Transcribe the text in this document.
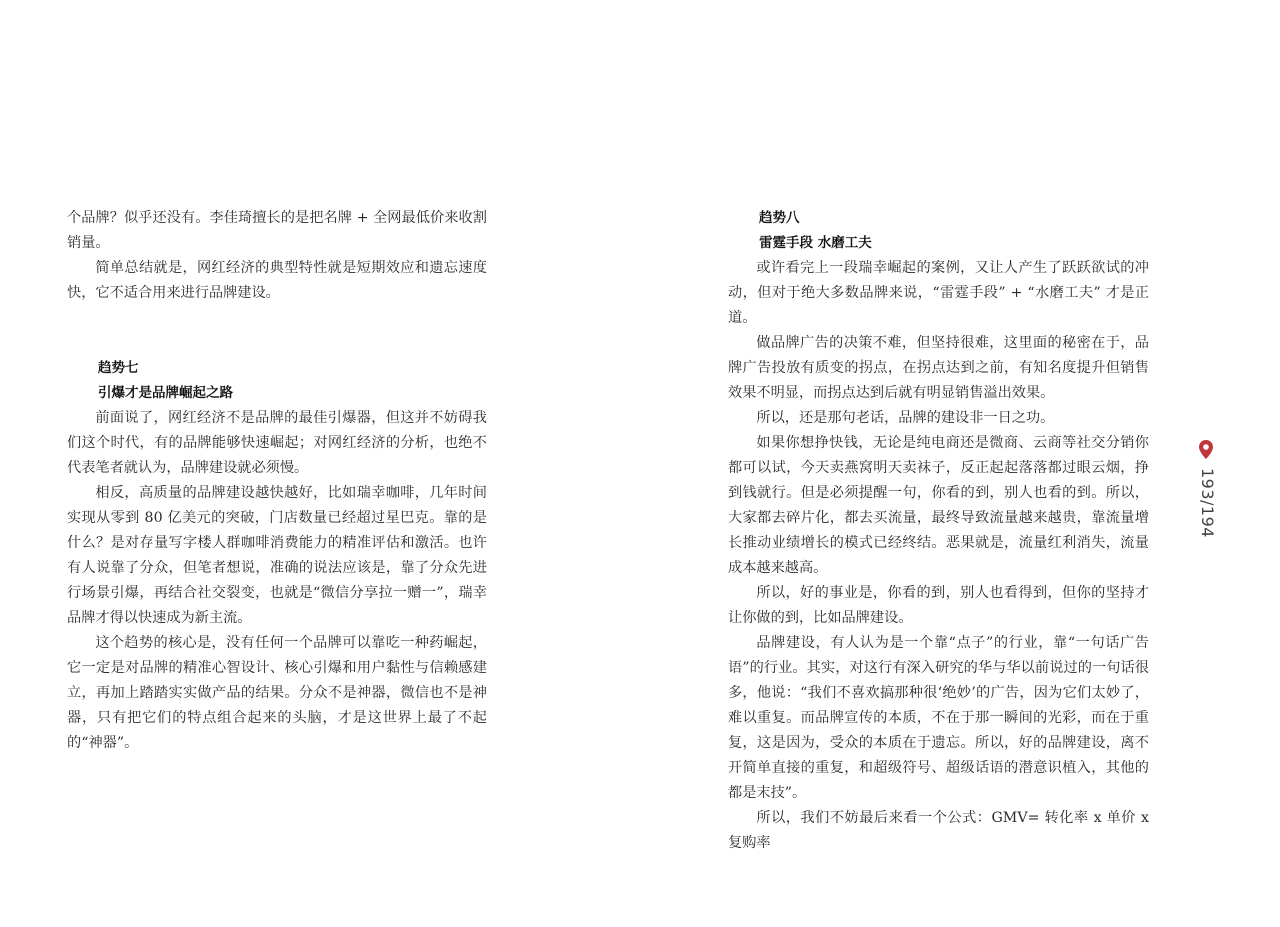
个品牌？似乎还没有。李佳琦擅长的是把名牌 + 全网最低价来收割销量。

简单总结就是，网红经济的典型特性就是短期效应和遗忘速度快，它不适合用来进行品牌建设。

趋势七

引爆才是品牌崛起之路

前面说了，网红经济不是品牌的最佳引爆器，但这并不妨碍我们这个时代，有的品牌能够快速崛起；对网红经济的分析，也绝不代表笔者就认为，品牌建设就必须慢。

相反，高质量的品牌建设越快越好，比如瑞幸咖啡，几年时间实现从零到 80 亿美元的突破，门店数量已经超过星巴克。靠的是什么？是对存量写字楼人群咖啡消费能力的精准评估和激活。也许有人说靠了分众，但笔者想说，准确的说法应该是，靠了分众先进行场景引爆，再结合社交裂变，也就是“微信分享拉一赠一”，瑞幸品牌才得以快速成为新主流。

这个趋势的核心是，没有任何一个品牌可以靠吃一种药崛起，它一定是对品牌的精准心智设计、核心引爆和用户黏性与信赖感建立，再加上踏踏实实做产品的结果。分众不是神器，微信也不是神器，只有把它们的特点组合起来的头脑，才是这世界上最了不起的“神器”。

趋势八

雷霆手段 水磨工夫

或许看完上一段瑞幸崛起的案例，又让人产生了跃跃欲试的冲动，但对于绝大多数品牌来说，“雷霆手段” + “水磨工夫” 才是正道。

做品牌广告的决策不难，但坚持很难，这里面的秘密在于，品牌广告投放有质变的拐点，在拐点达到之前，有知名度提升但销售效果不明显，而拐点达到后就有明显销售溢出效果。

所以，还是那句老话，品牌的建设非一日之功。

如果你想挣快钱，无论是纯电商还是微商、云商等社交分销你都可以试，今天卖燕窝明天卖袜子，反正起起落落都过眼云烟，挣到钱就行。但是必须提醒一句，你看的到，别人也看的到。所以，大家都去碎片化，都去买流量，最终导致流量越来越贵，靠流量增长推动业绩增长的模式已经终结。恶果就是，流量红利消失，流量成本越来越高。

所以，好的事业是，你看的到，别人也看得到，但你的坚持才让你做的到，比如品牌建设。

品牌建设，有人认为是一个靠“点子”的行业，靠“一句话广告语”的行业。其实，对这行有深入研究的华与华以前说过的一句话很多，他说：“我们不喜欢搞那种很‘绝妙’的广告，因为它们太妙了，难以重复。而品牌宣传的本质，不在于那一瞬间的光彩，而在于重复，这是因为，受众的本质在于遗忘。所以，好的品牌建设，离不开简单直接的重复，和超级符号、超级话语的潜意识植入，其他的都是末技”。

所以，我们不妨最后来看一个公式：GMV= 转化率 x 单价 x 复购率

193/194
